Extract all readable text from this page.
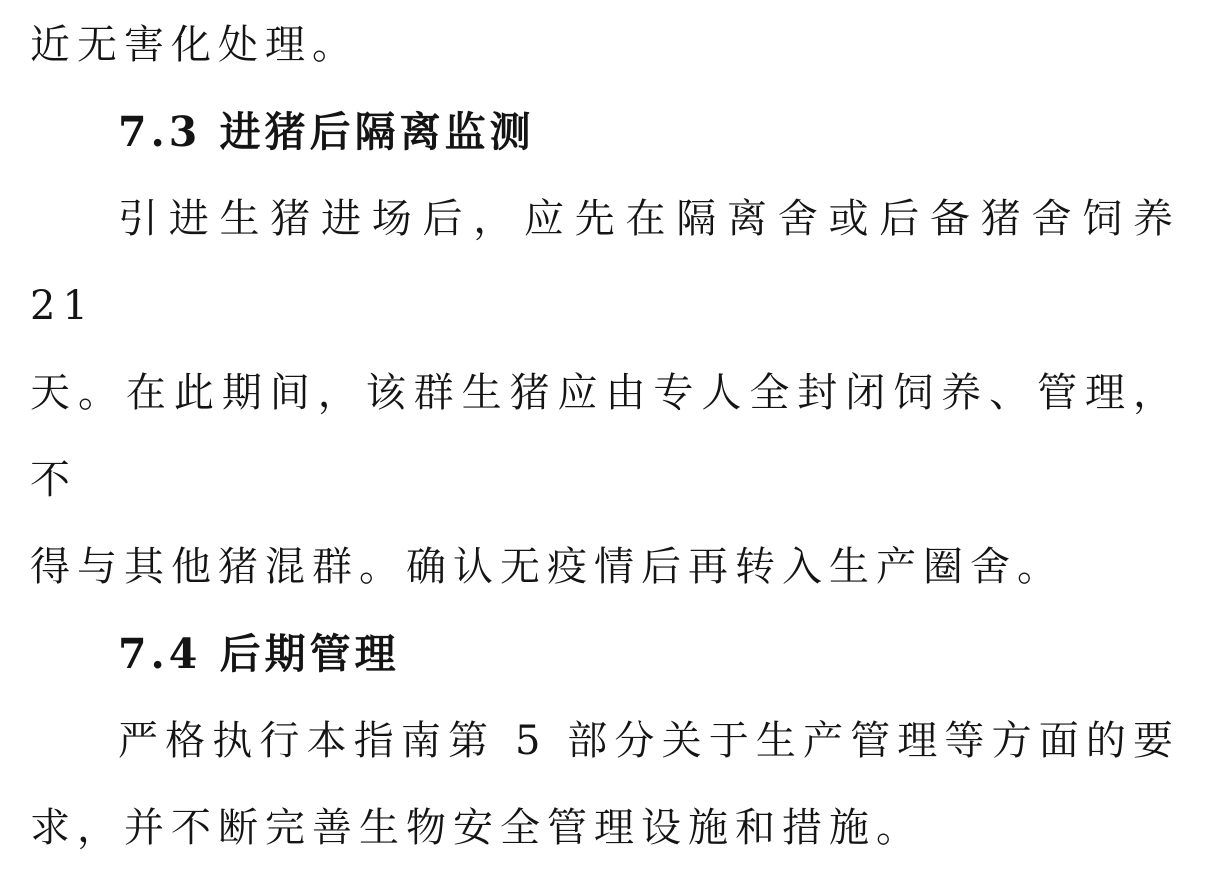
近无害化处理。
7.3 进猪后隔离监测
引进生猪进场后，应先在隔离舍或后备猪舍饲养 21
天。在此期间，该群生猪应由专人全封闭饲养、管理，不
得与其他猪混群。确认无疫情后再转入生产圈舍。
7.4 后期管理
严格执行本指南第 5 部分关于生产管理等方面的要
求，并不断完善生物安全管理设施和措施。
